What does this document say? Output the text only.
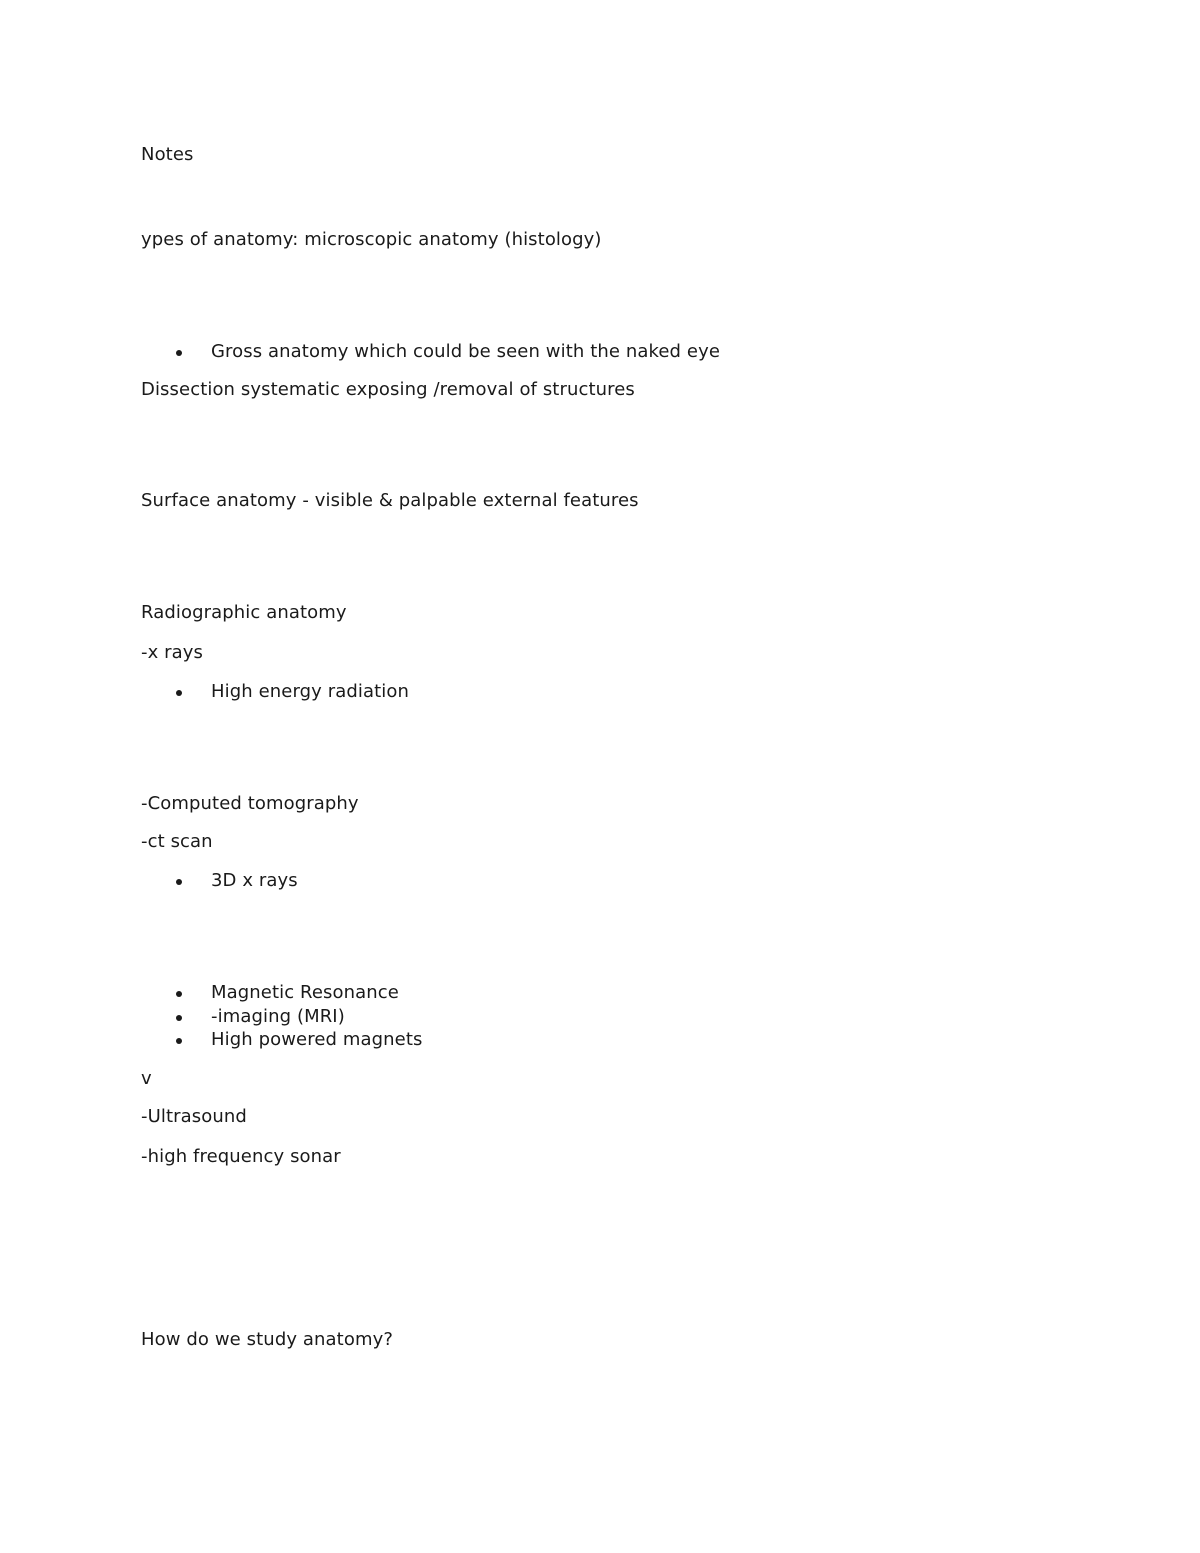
Notes
ypes of anatomy: microscopic anatomy (histology)
Gross anatomy which could be seen with the naked eye
Dissection systematic exposing /removal of structures
Surface anatomy - visible & palpable external features
Radiographic anatomy
-x rays
High energy radiation
-Computed tomography
-ct scan
3D x rays
Magnetic Resonance
-imaging (MRI)
High powered magnets
v
-Ultrasound
-high frequency sonar
How do we study anatomy?
